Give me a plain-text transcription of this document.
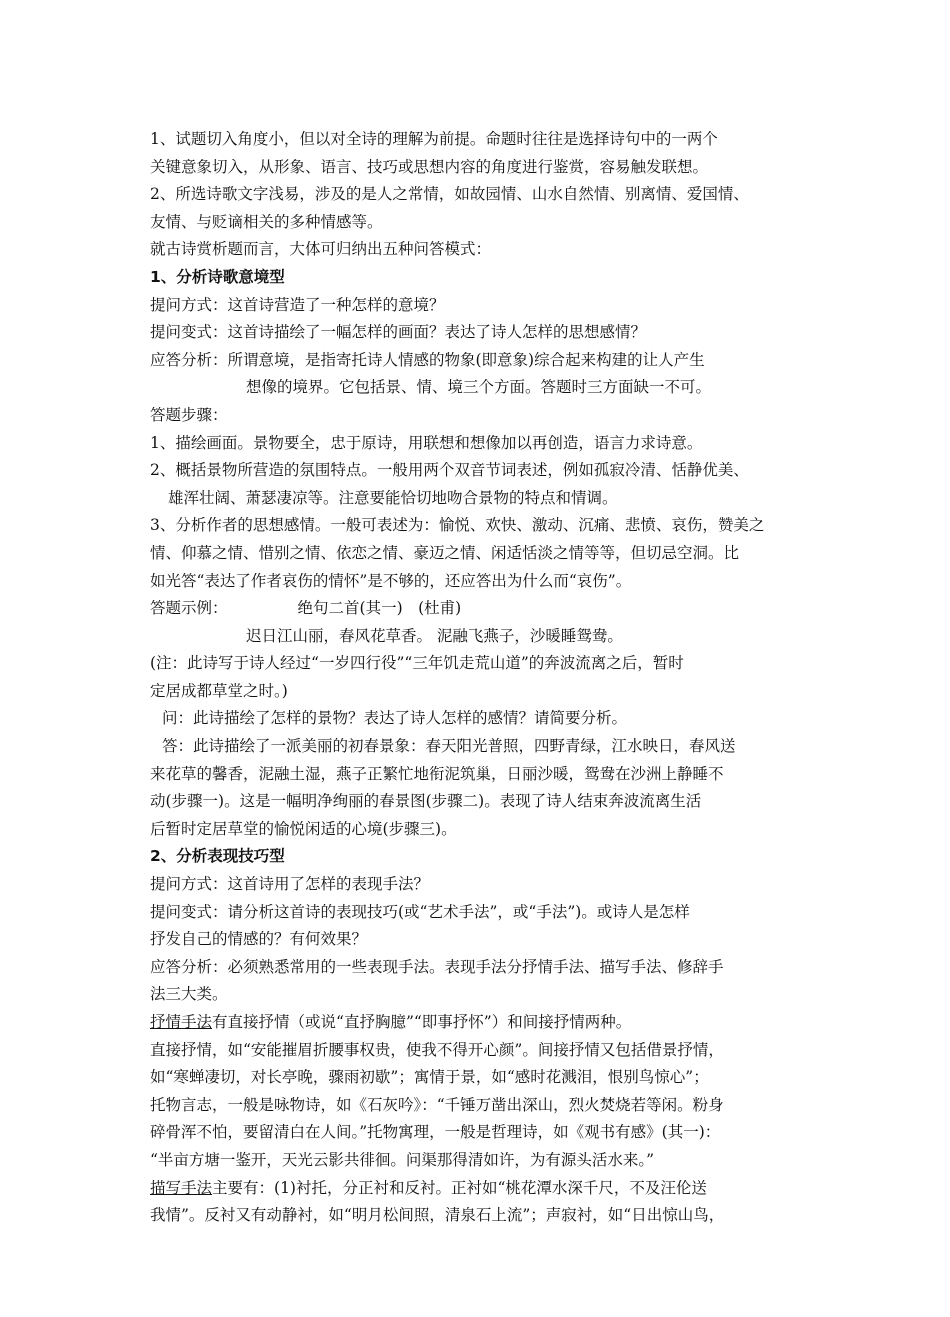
1、试题切入角度小，但以对全诗的理解为前提。命题时往往是选择诗句中的一两个

关键意象切入，从形象、语言、技巧或思想内容的角度进行鉴赏，容易触发联想。

2、所选诗歌文字浅易，涉及的是人之常情，如故园情、山水自然情、别离情、爱国情、

友情、与贬谪相关的多种情感等。

就古诗赏析题而言，大体可归纳出五种问答模式：

1、分析诗歌意境型

提问方式：这首诗营造了一种怎样的意境？

提问变式：这首诗描绘了一幅怎样的画面？表达了诗人怎样的思想感情？

应答分析：所谓意境，是指寄托诗人情感的物象(即意象)综合起来构建的让人产生

想像的境界。它包括景、情、境三个方面。答题时三方面缺一不可。

答题步骤：

1、描绘画面。景物要全，忠于原诗，用联想和想像加以再创造，语言力求诗意。

2、概括景物所营造的氛围特点。一般用两个双音节词表述，例如孤寂冷清、恬静优美、

雄浑壮阔、萧瑟凄凉等。注意要能恰切地吻合景物的特点和情调。

3、分析作者的思想感情。一般可表述为：愉悦、欢快、激动、沉痛、悲愤、哀伤，赞美之

情、仰慕之情、惜别之情、依恋之情、豪迈之情、闲适恬淡之情等等，但切忌空洞。比

如光答“表达了作者哀伤的情怀”是不够的，还应答出为什么而“哀伤”。

答题示例：	绝句二首(其一)　(杜甫)

迟日江山丽，春风花草香。 泥融飞燕子，沙暖睡鸳鸯。

(注：此诗写于诗人经过“一岁四行役”“三年饥走荒山道”的奔波流离之后，暂时

定居成都草堂之时。)

问：此诗描绘了怎样的景物？表达了诗人怎样的感情？请简要分析。

答：此诗描绘了一派美丽的初春景象：春天阳光普照，四野青绿，江水映日，春风送

来花草的馨香，泥融土湿，燕子正繁忙地衔泥筑巢，日丽沙暖，鸳鸯在沙洲上静睡不

动(步骤一)。这是一幅明净绚丽的春景图(步骤二)。表现了诗人结束奔波流离生活

后暂时定居草堂的愉悦闲适的心境(步骤三)。

2、分析表现技巧型

提问方式：这首诗用了怎样的表现手法？

提问变式：请分析这首诗的表现技巧(或“艺术手法”，或“手法”)。或诗人是怎样

抒发自己的情感的？有何效果？

应答分析：必须熟悉常用的一些表现手法。表现手法分抒情手法、描写手法、修辞手

法三大类。

抒情手法有直接抒情（或说“直抒胸臆”“即事抒怀”）和间接抒情两种。

直接抒情，如“安能摧眉折腰事权贵，使我不得开心颜”。间接抒情又包括借景抒情，

如“寒蝉凄切，对长亭晚，骤雨初歇”；寓情于景，如“感时花溅泪，恨别鸟惊心”；

托物言志，一般是咏物诗，如《石灰吟》：“千锤万凿出深山，烈火焚烧若等闲。粉身

碎骨浑不怕，要留清白在人间。”托物寓理，一般是哲理诗，如《观书有感》(其一)：

“半亩方塘一鉴开，天光云影共徘徊。问渠那得清如许，为有源头活水来。”

描写手法主要有：(1)衬托，分正衬和反衬。正衬如“桃花潭水深千尺，不及汪伦送

我情”。反衬又有动静衬，如“明月松间照，清泉石上流”；声寂衬，如“日出惊山鸟，
